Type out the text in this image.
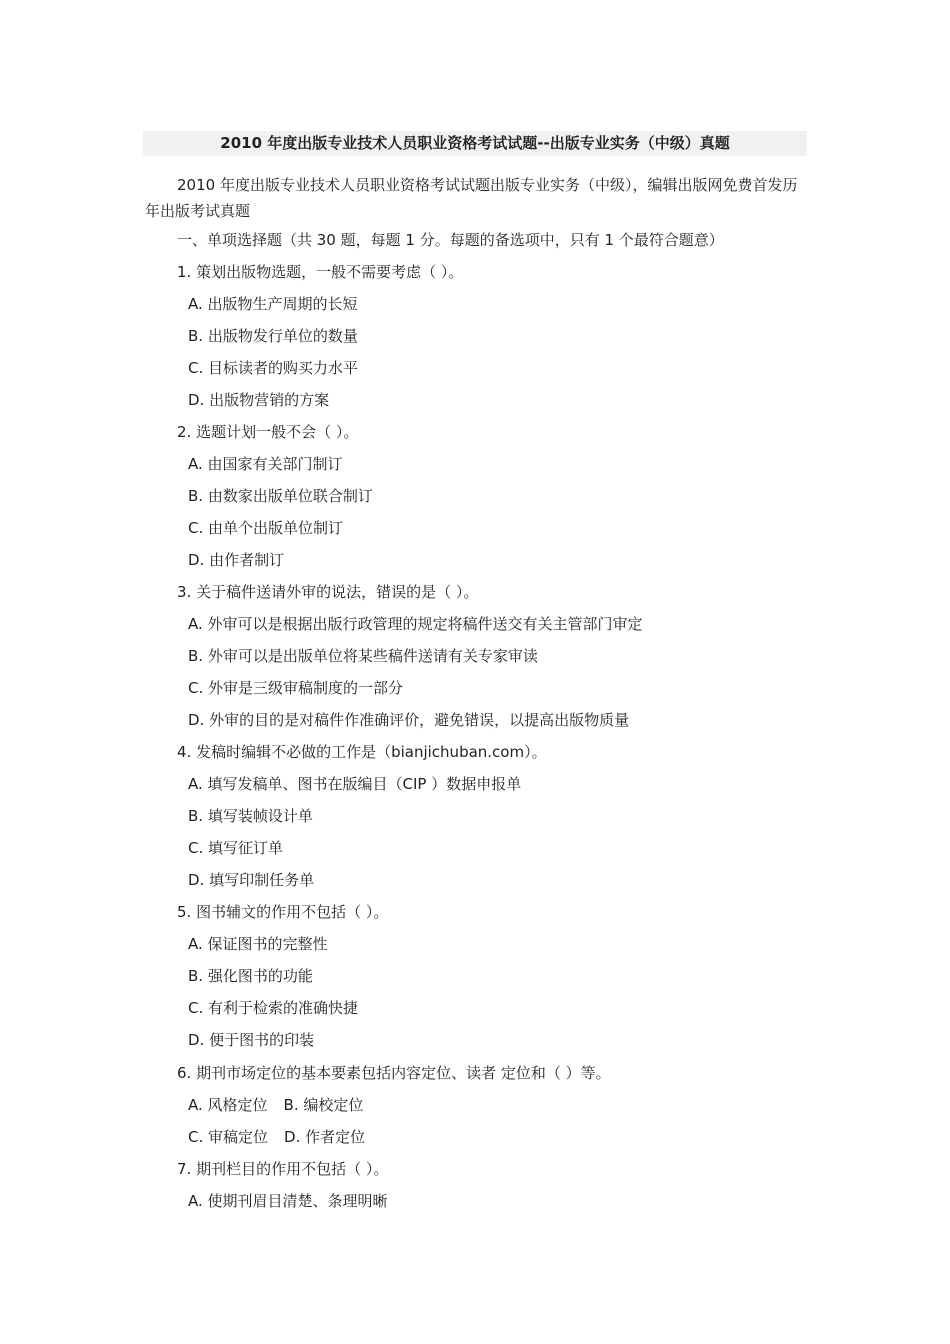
2010 年度出版专业技术人员职业资格考试试题--出版专业实务（中级）真题
2010 年度出版专业技术人员职业资格考试试题出版专业实务（中级），编辑出版网免费首发历年出版考试真题
一、单项选择题（共 30 题，每题 1 分。每题的备选项中，只有 1 个最符合题意）
1. 策划出版物选题，一般不需要考虑（ ）。
A. 出版物生产周期的长短
B. 出版物发行单位的数量
C. 目标读者的购买力水平
D. 出版物营销的方案
2. 选题计划一般不会（ ）。
A. 由国家有关部门制订
B. 由数家出版单位联合制订
C. 由单个出版单位制订
D. 由作者制订
3. 关于稿件送请外审的说法，错误的是（ ）。
A. 外审可以是根据出版行政管理的规定将稿件送交有关主管部门审定
B. 外审可以是出版单位将某些稿件送请有关专家审读
C. 外审是三级审稿制度的一部分
D. 外审的目的是对稿件作准确评价，避免错误，以提高出版物质量
4. 发稿时编辑不必做的工作是（bianjichuban.com）。
A. 填写发稿单、图书在版编目（CIP ）数据申报单
B. 填写装帧设计单
C. 填写征订单
D. 填写印制任务单
5. 图书辅文的作用不包括（ ）。
A. 保证图书的完整性
B. 强化图书的功能
C. 有利于检索的准确快捷
D. 便于图书的印装
6. 期刊市场定位的基本要素包括内容定位、读者 定位和（ ）等。
A. 风格定位 B. 编校定位
C. 审稿定位 D. 作者定位
7. 期刊栏目的作用不包括（ ）。
A. 使期刊眉目清楚、条理明晰
